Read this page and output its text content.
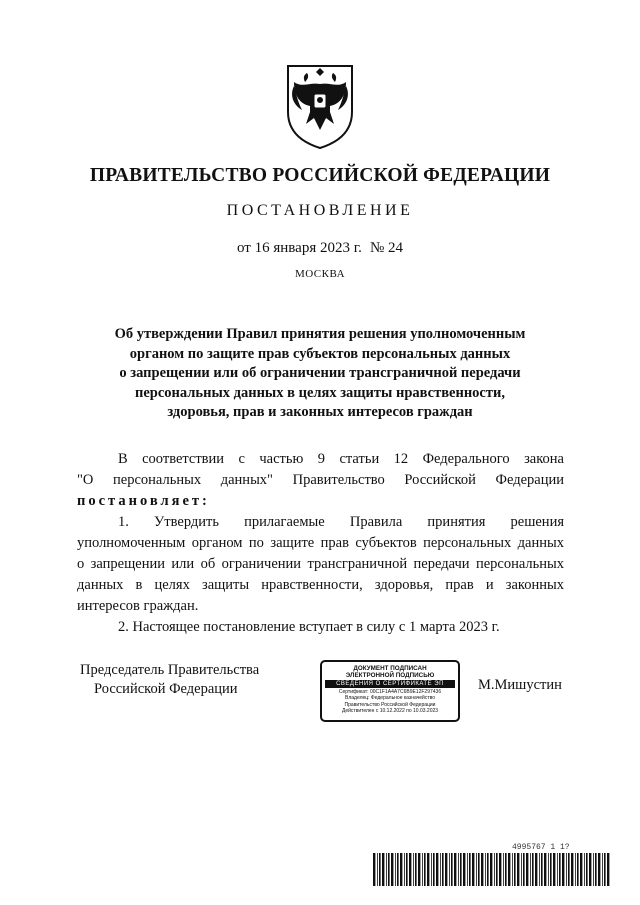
ПРАВИТЕЛЬСТВО РОССИЙСКОЙ ФЕДЕРАЦИИ
ПОСТАНОВЛЕНИЕ
от 16 января 2023 г. № 24
МОСКВА
Об утверждении Правил принятия решения уполномоченным
органом по защите прав субъектов персональных данных
о запрещении или об ограничении трансграничной передачи
персональных данных в целях защиты нравственности,
здоровья, прав и законных интересов граждан
В соответствии с частью 9 статьи 12 Федерального закона
"О персональных данных" Правительство Российской Федерации
постановляет:
1. Утвердить прилагаемые Правила принятия решения
уполномоченным органом по защите прав субъектов персональных данных
о запрещении или об ограничении трансграничной передачи персональных
данных в целях защиты нравственности, здоровья, прав и законных
интересов граждан.
2. Настоящее постановление вступает в силу с 1 марта 2023 г.
Председатель Правительства
Российской Федерации
ДОКУМЕНТ ПОДПИСАН
ЭЛЕКТРОННОЙ ПОДПИСЬЮ
СВЕДЕНИЯ О СЕРТИФИКАТЕ ЭП
Сертификат: 00C1F1A4A7C6B9E12F297436
Владелец: Федеральное казначейство
Правительство Российской Федерации
Действителен с 10.12.2022 по 10.03.2023
М.Мишустин
4995767 1 1?
